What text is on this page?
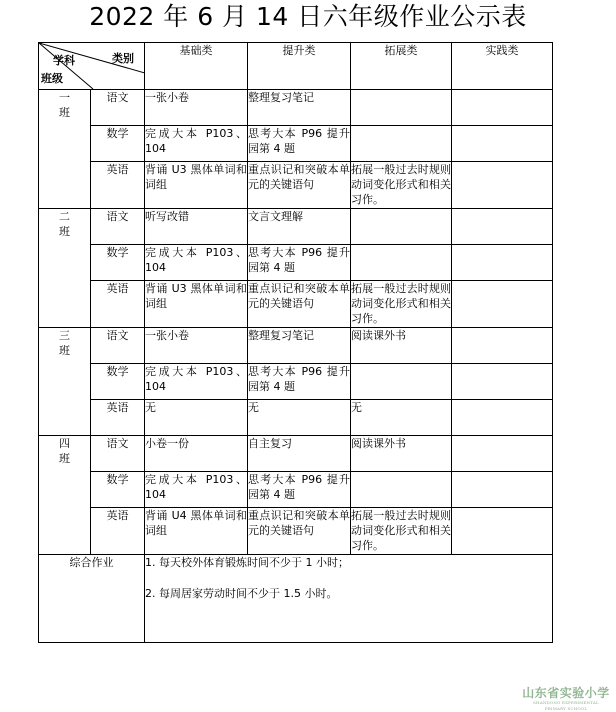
2022 年 6 月 14 日六年级作业公示表
学科 类别
班级		基础类	提升类	拓展类	实践类
一
班	语文	一张小卷	整理复习笔记		
	数学	完成大本 P103、104	思考大本 P96 提升园第 4 题		
	英语	背诵 U3 黑体单词和词组	重点识记和突破本单元的关键语句	拓展一般过去时规则动词变化形式和相关习作。	
二
班	语文	听写改错	文言文理解		
	数学	完成大本 P103、104	思考大本 P96 提升园第 4 题		
	英语	背诵 U3 黑体单词和词组	重点识记和突破本单元的关键语句	拓展一般过去时规则动词变化形式和相关习作。	
三
班	语文	一张小卷	整理复习笔记	阅读课外书	
	数学	完成大本 P103、104	思考大本 P96 提升园第 4 题		
	英语	无	无	无	
四
班	语文	小卷一份	自主复习	阅读课外书	
	数学	完成大本 P103、104	思考大本 P96 提升园第 4 题		
	英语	背诵 U4 黑体单词和词组	重点识记和突破本单元的关键语句	拓展一般过去时规则动词变化形式和相关习作。	
综合作业		1. 每天校外体育锻炼时间不少于 1 小时；

2. 每周居家劳动时间不少于 1.5 小时。			

山东省实验小学
SHANDONG EXPERIMENTAL PRIMARY SCHOOL
